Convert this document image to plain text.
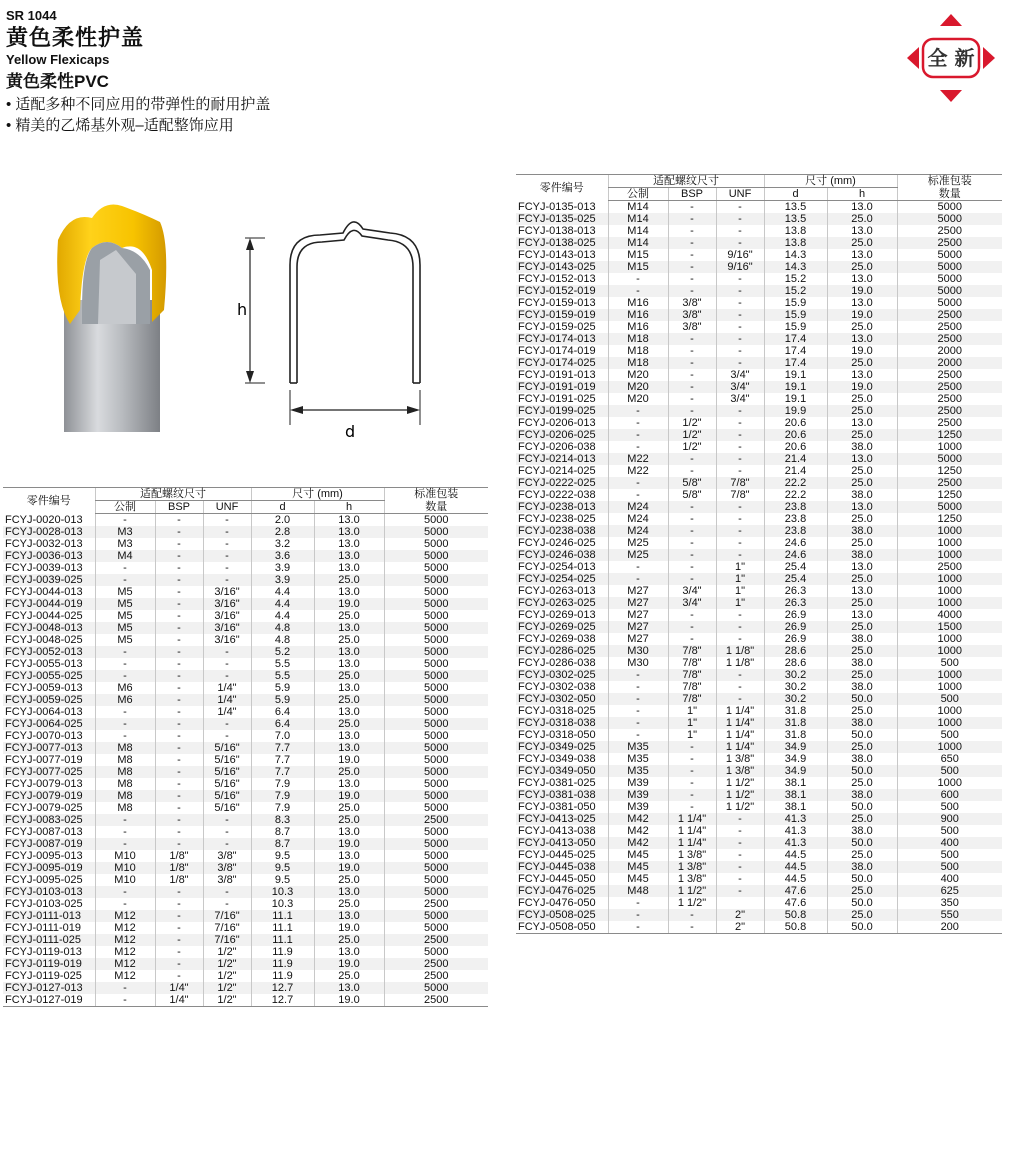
SR 1044
黄色柔性护盖
Yellow Flexicaps
黄色柔性PVC
• 适配多种不同应用的带弹性的耐用护盖
• 精美的乙烯基外观–适配整饰应用
全 新
h
d
零件编号	适配螺纹尺寸			尺寸 (mm)		标准包装
	公制	BSP	UNF	d	h	数量
FCYJ-0020-013	-	-	-	2.0	13.0	5000
FCYJ-0028-013	M3	-	-	2.8	13.0	5000
FCYJ-0032-013	M3	-	-	3.2	13.0	5000
FCYJ-0036-013	M4	-	-	3.6	13.0	5000
FCYJ-0039-013	-	-	-	3.9	13.0	5000
FCYJ-0039-025	-	-	-	3.9	25.0	5000
FCYJ-0044-013	M5	-	3/16"	4.4	13.0	5000
FCYJ-0044-019	M5	-	3/16"	4.4	19.0	5000
FCYJ-0044-025	M5	-	3/16"	4.4	25.0	5000
FCYJ-0048-013	M5	-	3/16"	4.8	13.0	5000
FCYJ-0048-025	M5	-	3/16"	4.8	25.0	5000
FCYJ-0052-013	-	-	-	5.2	13.0	5000
FCYJ-0055-013	-	-	-	5.5	13.0	5000
FCYJ-0055-025	-	-	-	5.5	25.0	5000
FCYJ-0059-013	M6	-	1/4"	5.9	13.0	5000
FCYJ-0059-025	M6	-	1/4"	5.9	25.0	5000
FCYJ-0064-013	-	-	1/4"	6.4	13.0	5000
FCYJ-0064-025	-	-	-	6.4	25.0	5000
FCYJ-0070-013	-	-	-	7.0	13.0	5000
FCYJ-0077-013	M8	-	5/16"	7.7	13.0	5000
FCYJ-0077-019	M8	-	5/16"	7.7	19.0	5000
FCYJ-0077-025	M8	-	5/16"	7.7	25.0	5000
FCYJ-0079-013	M8	-	5/16"	7.9	13.0	5000
FCYJ-0079-019	M8	-	5/16"	7.9	19.0	5000
FCYJ-0079-025	M8	-	5/16"	7.9	25.0	5000
FCYJ-0083-025	-	-	-	8.3	25.0	2500
FCYJ-0087-013	-	-	-	8.7	13.0	5000
FCYJ-0087-019	-	-	-	8.7	19.0	5000
FCYJ-0095-013	M10	1/8"	3/8"	9.5	13.0	5000
FCYJ-0095-019	M10	1/8"	3/8"	9.5	19.0	5000
FCYJ-0095-025	M10	1/8"	3/8"	9.5	25.0	5000
FCYJ-0103-013	-	-	-	10.3	13.0	5000
FCYJ-0103-025	-	-	-	10.3	25.0	2500
FCYJ-0111-013	M12	-	7/16"	11.1	13.0	5000
FCYJ-0111-019	M12	-	7/16"	11.1	19.0	5000
FCYJ-0111-025	M12	-	7/16"	11.1	25.0	2500
FCYJ-0119-013	M12	-	1/2"	11.9	13.0	5000
FCYJ-0119-019	M12	-	1/2"	11.9	19.0	2500
FCYJ-0119-025	M12	-	1/2"	11.9	25.0	2500
FCYJ-0127-013	-	1/4"	1/2"	12.7	13.0	5000
FCYJ-0127-019	-	1/4"	1/2"	12.7	19.0	2500
零件编号	适配螺纹尺寸			尺寸 (mm)		标准包装
	公制	BSP	UNF	d	h	数量
FCYJ-0135-013	M14	-	-	13.5	13.0	5000
FCYJ-0135-025	M14	-	-	13.5	25.0	5000
FCYJ-0138-013	M14	-	-	13.8	13.0	2500
FCYJ-0138-025	M14	-	-	13.8	25.0	2500
FCYJ-0143-013	M15	-	9/16"	14.3	13.0	5000
FCYJ-0143-025	M15	-	9/16"	14.3	25.0	5000
FCYJ-0152-013	-	-	-	15.2	13.0	5000
FCYJ-0152-019	-	-	-	15.2	19.0	5000
FCYJ-0159-013	M16	3/8"	-	15.9	13.0	5000
FCYJ-0159-019	M16	3/8"	-	15.9	19.0	2500
FCYJ-0159-025	M16	3/8"	-	15.9	25.0	2500
FCYJ-0174-013	M18	-	-	17.4	13.0	2500
FCYJ-0174-019	M18	-	-	17.4	19.0	2000
FCYJ-0174-025	M18	-	-	17.4	25.0	2000
FCYJ-0191-013	M20	-	3/4"	19.1	13.0	2500
FCYJ-0191-019	M20	-	3/4"	19.1	19.0	2500
FCYJ-0191-025	M20	-	3/4"	19.1	25.0	2500
FCYJ-0199-025	-	-	-	19.9	25.0	2500
FCYJ-0206-013	-	1/2"	-	20.6	13.0	2500
FCYJ-0206-025	-	1/2"	-	20.6	25.0	1250
FCYJ-0206-038	-	1/2"	-	20.6	38.0	1000
FCYJ-0214-013	M22	-	-	21.4	13.0	5000
FCYJ-0214-025	M22	-	-	21.4	25.0	1250
FCYJ-0222-025	-	5/8"	7/8"	22.2	25.0	2500
FCYJ-0222-038	-	5/8"	7/8"	22.2	38.0	1250
FCYJ-0238-013	M24	-	-	23.8	13.0	5000
FCYJ-0238-025	M24	-	-	23.8	25.0	1250
FCYJ-0238-038	M24	-	-	23.8	38.0	1000
FCYJ-0246-025	M25	-	-	24.6	25.0	1000
FCYJ-0246-038	M25	-	-	24.6	38.0	1000
FCYJ-0254-013	-	-	1"	25.4	13.0	2500
FCYJ-0254-025	-	-	1"	25.4	25.0	1000
FCYJ-0263-013	M27	3/4"	1"	26.3	13.0	1000
FCYJ-0263-025	M27	3/4"	1"	26.3	25.0	1000
FCYJ-0269-013	M27	-	-	26.9	13.0	4000
FCYJ-0269-025	M27	-	-	26.9	25.0	1500
FCYJ-0269-038	M27	-	-	26.9	38.0	1000
FCYJ-0286-025	M30	7/8"	1 1/8"	28.6	25.0	1000
FCYJ-0286-038	M30	7/8"	1 1/8"	28.6	38.0	500
FCYJ-0302-025	-	7/8"	-	30.2	25.0	1000
FCYJ-0302-038	-	7/8"	-	30.2	38.0	1000
FCYJ-0302-050	-	7/8"	-	30.2	50.0	500
FCYJ-0318-025	-	1"	1 1/4"	31.8	25.0	1000
FCYJ-0318-038	-	1"	1 1/4"	31.8	38.0	1000
FCYJ-0318-050	-	1"	1 1/4"	31.8	50.0	500
FCYJ-0349-025	M35	-	1 1/4"	34.9	25.0	1000
FCYJ-0349-038	M35	-	1 3/8"	34.9	38.0	650
FCYJ-0349-050	M35	-	1 3/8"	34.9	50.0	500
FCYJ-0381-025	M39	-	1 1/2"	38.1	25.0	1000
FCYJ-0381-038	M39	-	1 1/2"	38.1	38.0	600
FCYJ-0381-050	M39	-	1 1/2"	38.1	50.0	500
FCYJ-0413-025	M42	1 1/4"	-	41.3	25.0	900
FCYJ-0413-038	M42	1 1/4"	-	41.3	38.0	500
FCYJ-0413-050	M42	1 1/4"	-	41.3	50.0	400
FCYJ-0445-025	M45	1 3/8"	-	44.5	25.0	500
FCYJ-0445-038	M45	1 3/8"	-	44.5	38.0	500
FCYJ-0445-050	M45	1 3/8"	-	44.5	50.0	400
FCYJ-0476-025	M48	1 1/2"	-	47.6	25.0	625
FCYJ-0476-050	-	1 1/2"		47.6	50.0	350
FCYJ-0508-025	-	-	2"	50.8	25.0	550
FCYJ-0508-050	-	-	2"	50.8	50.0	200
